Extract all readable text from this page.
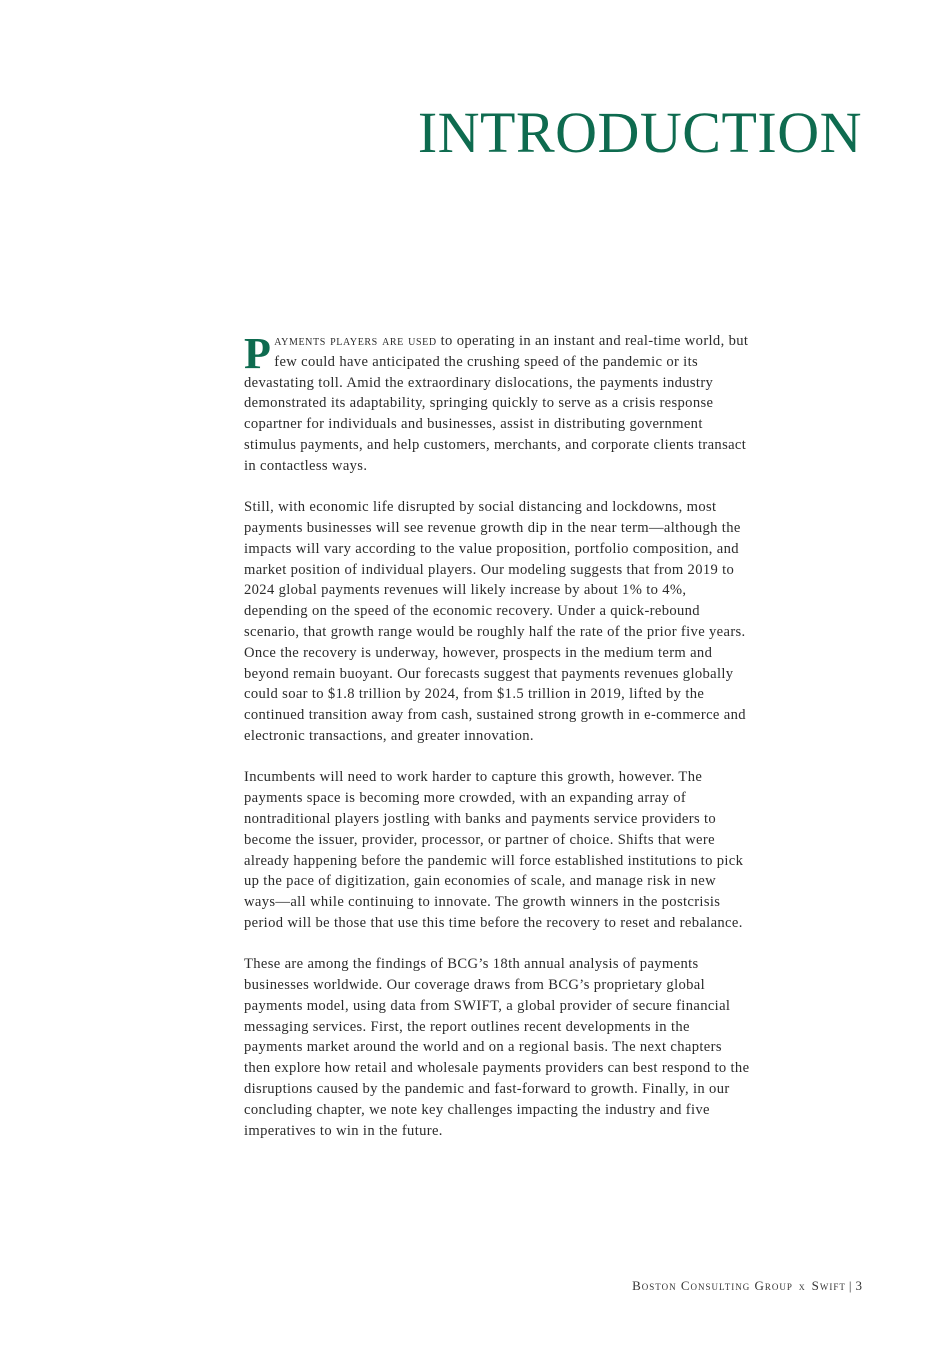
INTRODUCTION

Payments players are used to operating in an instant and real-time world, but few could have anticipated the crushing speed of the pandemic or its devastating toll. Amid the extraordinary dislocations, the payments industry demonstrated its adaptability, springing quickly to serve as a crisis response copartner for individuals and businesses, assist in distributing government stimulus payments, and help customers, merchants, and corporate clients transact in contactless ways.

Still, with economic life disrupted by social distancing and lockdowns, most payments businesses will see revenue growth dip in the near term—although the impacts will vary according to the value proposition, portfolio composition, and market position of individual players. Our modeling suggests that from 2019 to 2024 global payments revenues will likely increase by about 1% to 4%, depending on the speed of the economic recovery. Under a quick-rebound scenario, that growth range would be roughly half the rate of the prior five years. Once the recovery is underway, however, prospects in the medium term and beyond remain buoyant. Our forecasts suggest that payments revenues globally could soar to $1.8 trillion by 2024, from $1.5 trillion in 2019, lifted by the continued transition away from cash, sustained strong growth in e-commerce and electronic transactions, and greater innovation.

Incumbents will need to work harder to capture this growth, however. The payments space is becoming more crowded, with an expanding array of nontraditional players jostling with banks and payments service providers to become the issuer, provider, processor, or partner of choice. Shifts that were already happening before the pandemic will force established institutions to pick up the pace of digitization, gain economies of scale, and manage risk in new ways—all while continuing to innovate. The growth winners in the postcrisis period will be those that use this time before the recovery to reset and rebalance.

These are among the findings of BCG’s 18th annual analysis of payments businesses worldwide. Our coverage draws from BCG’s proprietary global payments model, using data from SWIFT, a global provider of secure financial messaging services. First, the report outlines recent developments in the payments market around the world and on a regional basis. The next chapters then explore how retail and wholesale payments providers can best respond to the disruptions caused by the pandemic and fast-forward to growth. Finally, in our concluding chapter, we note key challenges impacting the industry and five imperatives to win in the future.

Boston Consulting Group x Swift | 3
